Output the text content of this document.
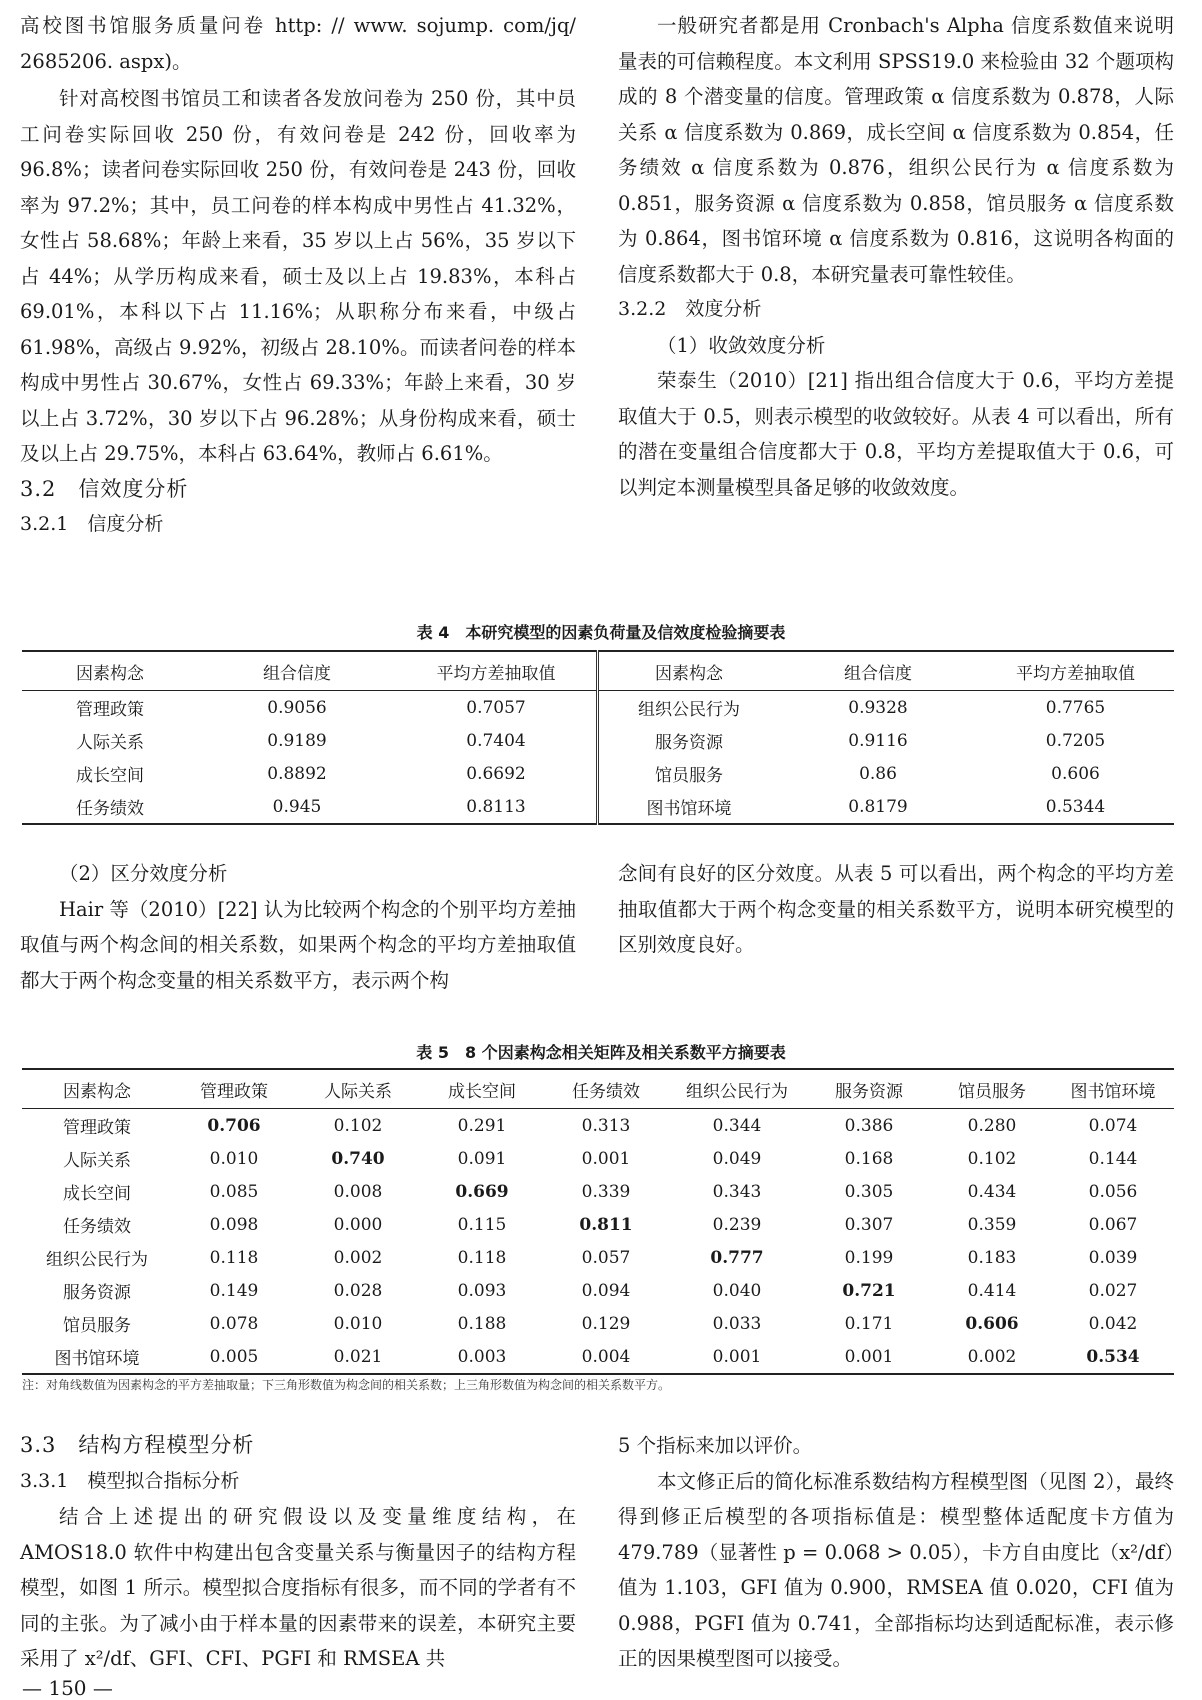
高校图书馆服务质量问卷 http: // www. sojump. com/jq/ 2685206. aspx)。

针对高校图书馆员工和读者各发放问卷为 250 份，其中员工问卷实际回收 250 份，有效问卷是 242 份，回收率为 96.8%；读者问卷实际回收 250 份，有效问卷是 243 份，回收率为 97.2%；其中，员工问卷的样本构成中男性占 41.32%，女性占 58.68%；年龄上来看，35 岁以上占 56%，35 岁以下占 44%；从学历构成来看，硕士及以上占 19.83%，本科占 69.01%，本科以下占 11.16%；从职称分布来看，中级占 61.98%，高级占 9.92%，初级占 28.10%。而读者问卷的样本构成中男性占 30.67%，女性占 69.33%；年龄上来看，30 岁以上占 3.72%，30 岁以下占 96.28%；从身份构成来看，硕士及以上占 29.75%，本科占 63.64%，教师占 6.61%。

3.2　信效度分析

3.2.1　信度分析

一般研究者都是用 Cronbach's Alpha 信度系数值来说明量表的可信赖程度。本文利用 SPSS19.0 来检验由 32 个题项构成的 8 个潜变量的信度。管理政策 α 信度系数为 0.878，人际关系 α 信度系数为 0.869，成长空间 α 信度系数为 0.854，任务绩效 α 信度系数为 0.876，组织公民行为 α 信度系数为 0.851，服务资源 α 信度系数为 0.858，馆员服务 α 信度系数为 0.864，图书馆环境 α 信度系数为 0.816，这说明各构面的信度系数都大于 0.8，本研究量表可靠性较佳。

3.2.2　效度分析

（1）收敛效度分析

荣泰生（2010）[21] 指出组合信度大于 0.6，平均方差提取值大于 0.5，则表示模型的收敛较好。从表 4 可以看出，所有的潜在变量组合信度都大于 0.8，平均方差提取值大于 0.6，可以判定本测量模型具备足够的收敛效度。

表 4　本研究模型的因素负荷量及信效度检验摘要表
因素构念	组合信度	平均方差抽取值	因素构念	组合信度	平均方差抽取值
管理政策	0.9056	0.7057	组织公民行为	0.9328	0.7765
人际关系	0.9189	0.7404	服务资源	0.9116	0.7205
成长空间	0.8892	0.6692	馆员服务	0.86	0.606
任务绩效	0.945	0.8113	图书馆环境	0.8179	0.5344

（2）区分效度分析

Hair 等（2010）[22] 认为比较两个构念的个别平均方差抽取值与两个构念间的相关系数，如果两个构念的平均方差抽取值都大于两个构念变量的相关系数平方，表示两个构

念间有良好的区分效度。从表 5 可以看出，两个构念的平均方差抽取值都大于两个构念变量的相关系数平方，说明本研究模型的区别效度良好。

表 5　8 个因素构念相关矩阵及相关系数平方摘要表
因素构念	管理政策	人际关系	成长空间	任务绩效	组织公民行为	服务资源	馆员服务	图书馆环境
管理政策	0.706	0.102	0.291	0.313	0.344	0.386	0.280	0.074
人际关系	0.010	0.740	0.091	0.001	0.049	0.168	0.102	0.144
成长空间	0.085	0.008	0.669	0.339	0.343	0.305	0.434	0.056
任务绩效	0.098	0.000	0.115	0.811	0.239	0.307	0.359	0.067
组织公民行为	0.118	0.002	0.118	0.057	0.777	0.199	0.183	0.039
服务资源	0.149	0.028	0.093	0.094	0.040	0.721	0.414	0.027
馆员服务	0.078	0.010	0.188	0.129	0.033	0.171	0.606	0.042
图书馆环境	0.005	0.021	0.003	0.004	0.001	0.001	0.002	0.534
注：对角线数值为因素构念的平方差抽取量；下三角形数值为构念间的相关系数；上三角形数值为构念间的相关系数平方。

3.3　结构方程模型分析

3.3.1　模型拟合指标分析

结合上述提出的研究假设以及变量维度结构，在 AMOS18.0 软件中构建出包含变量关系与衡量因子的结构方程模型，如图 1 所示。模型拟合度指标有很多，而不同的学者有不同的主张。为了减小由于样本量的因素带来的误差，本研究主要采用了 x²/df、GFI、CFI、PGFI 和 RMSEA 共

5 个指标来加以评价。

本文修正后的简化标准系数结构方程模型图（见图 2），最终得到修正后模型的各项指标值是：模型整体适配度卡方值为 479.789（显著性 p = 0.068 > 0.05），卡方自由度比（x²/df）值为 1.103，GFI 值为 0.900，RMSEA 值 0.020，CFI 值为 0.988，PGFI 值为 0.741，全部指标均达到适配标准，表示修正的因果模型图可以接受。

— 150 —
